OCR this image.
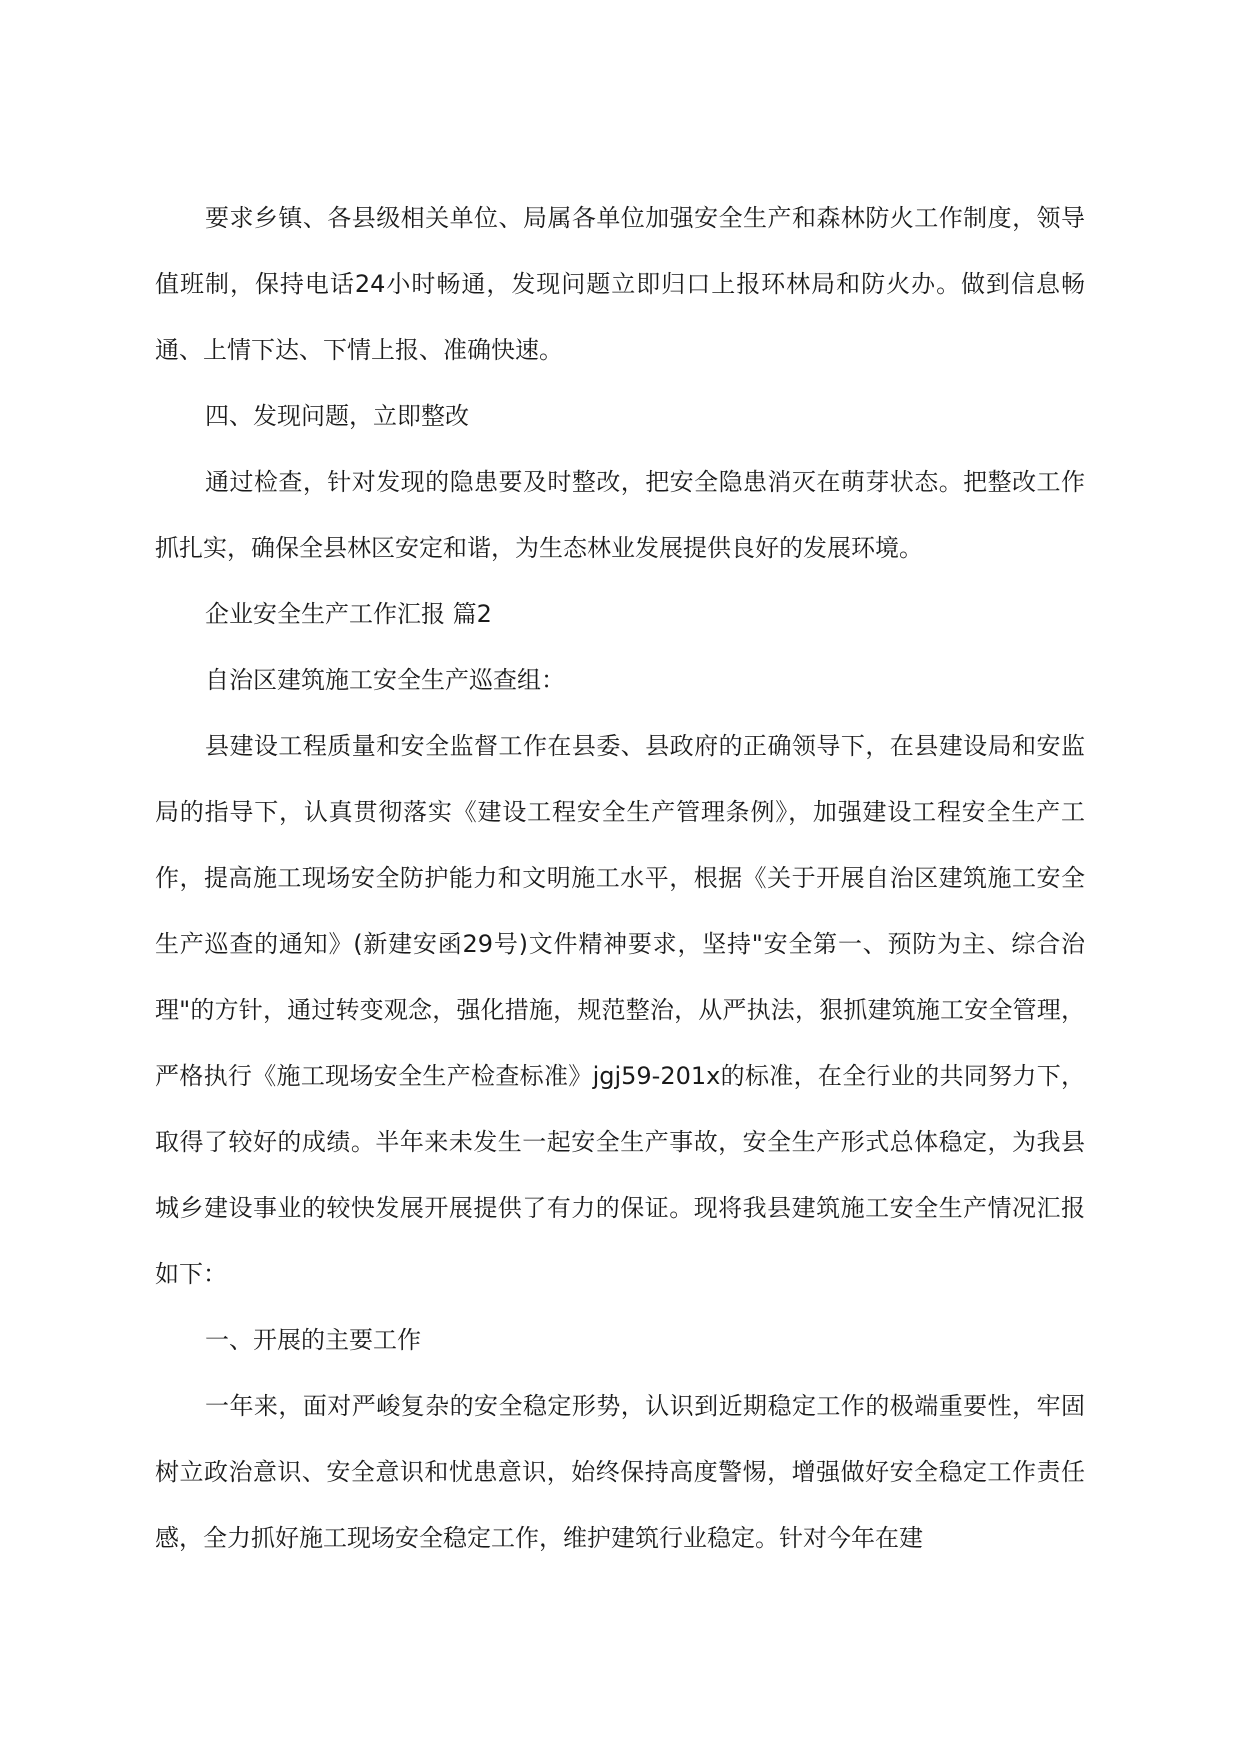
要求乡镇、各县级相关单位、局属各单位加强安全生产和森林防火工作制度，领导值班制，保持电话24小时畅通，发现问题立即归口上报环林局和防火办。做到信息畅通、上情下达、下情上报、准确快速。

四、发现问题，立即整改

通过检查，针对发现的隐患要及时整改，把安全隐患消灭在萌芽状态。把整改工作抓扎实，确保全县林区安定和谐，为生态林业发展提供良好的发展环境。

企业安全生产工作汇报 篇2

自治区建筑施工安全生产巡查组：

县建设工程质量和安全监督工作在县委、县政府的正确领导下，在县建设局和安监局的指导下，认真贯彻落实《建设工程安全生产管理条例》，加强建设工程安全生产工作，提高施工现场安全防护能力和文明施工水平，根据《关于开展自治区建筑施工安全生产巡查的通知》(新建安函29号)文件精神要求，坚持"安全第一、预防为主、综合治理"的方针，通过转变观念，强化措施，规范整治，从严执法，狠抓建筑施工安全管理，严格执行《施工现场安全生产检查标准》jgj59-201x的标准，在全行业的共同努力下，取得了较好的成绩。半年来未发生一起安全生产事故，安全生产形式总体稳定，为我县城乡建设事业的较快发展开展提供了有力的保证。现将我县建筑施工安全生产情况汇报如下：

一、开展的主要工作

一年来，面对严峻复杂的安全稳定形势，认识到近期稳定工作的极端重要性，牢固树立政治意识、安全意识和忧患意识，始终保持高度警惕，增强做好安全稳定工作责任感，全力抓好施工现场安全稳定工作，维护建筑行业稳定。针对今年在建
